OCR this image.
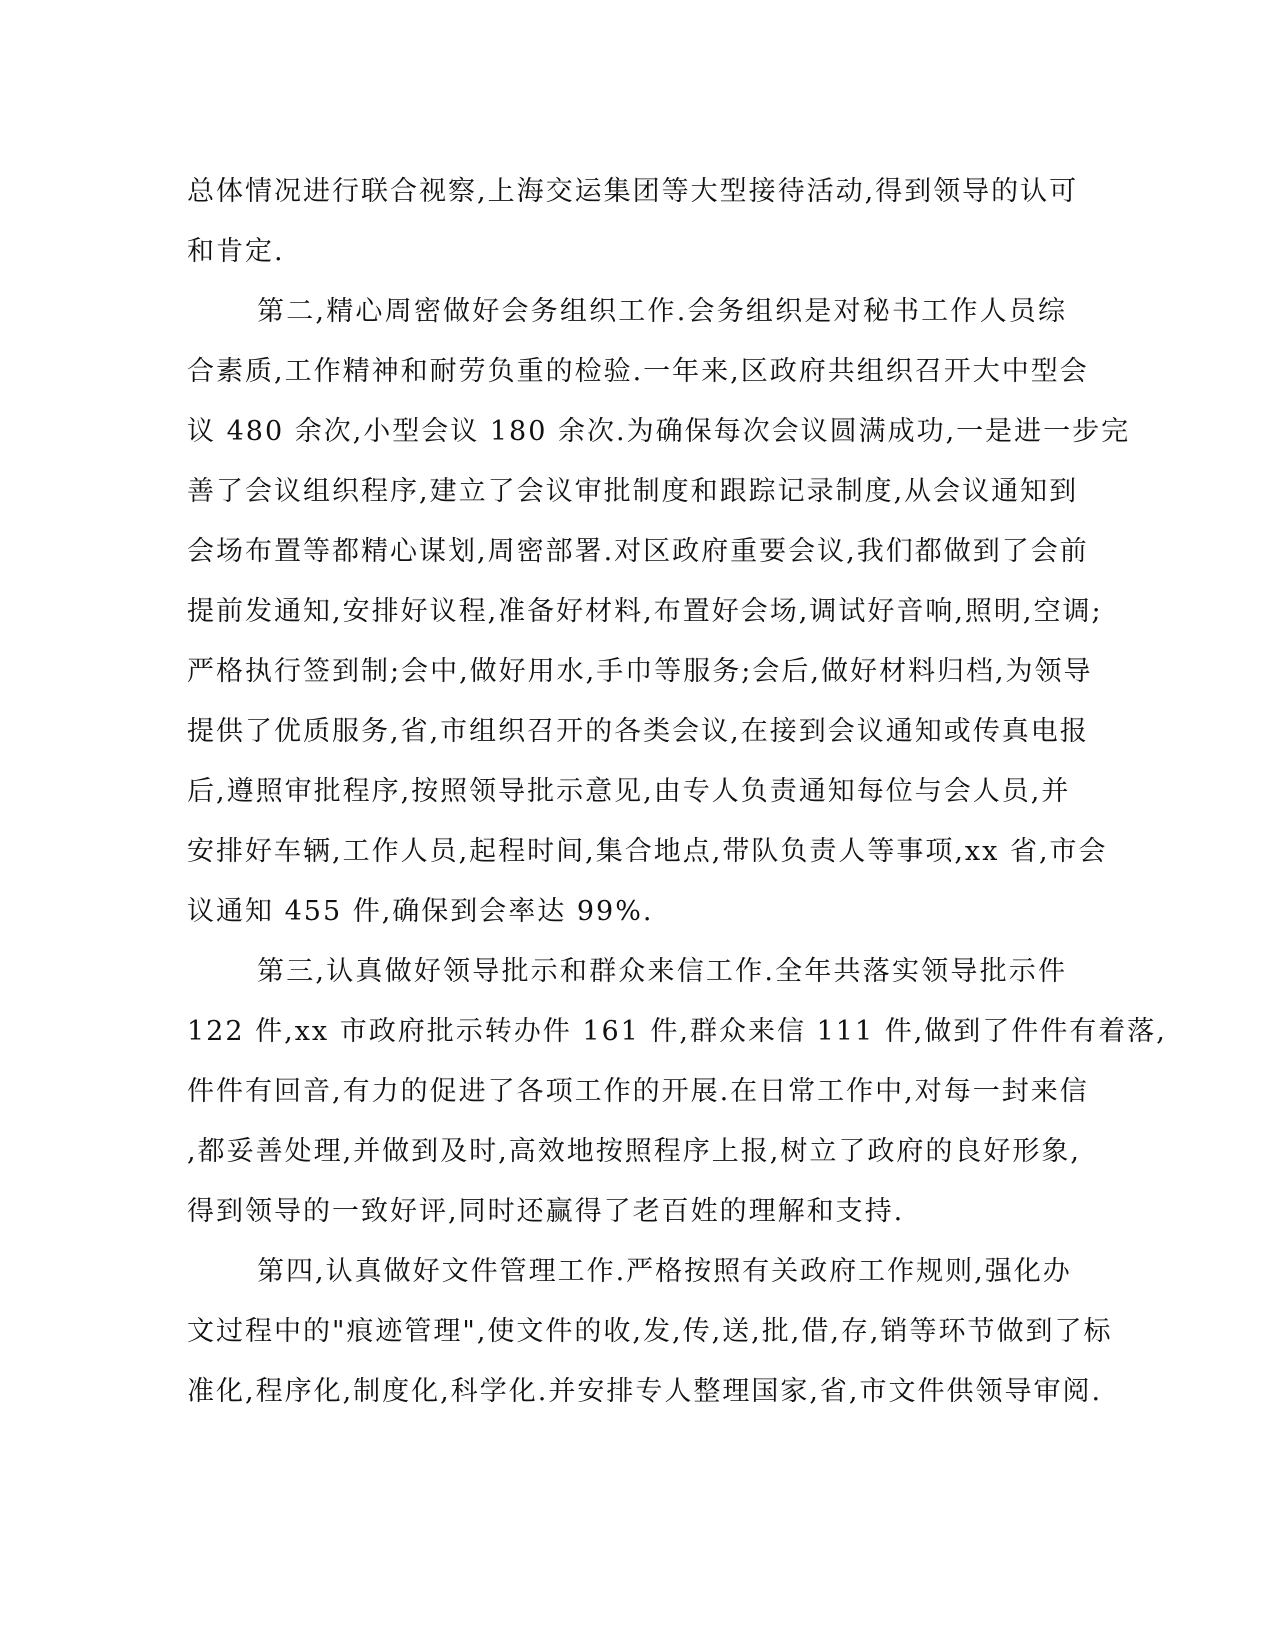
总体情况进行联合视察,上海交运集团等大型接待活动,得到领导的认可
和肯定.
第二,精心周密做好会务组织工作.会务组织是对秘书工作人员综
合素质,工作精神和耐劳负重的检验.一年来,区政府共组织召开大中型会
议 480 余次,小型会议 180 余次.为确保每次会议圆满成功,一是进一步完
善了会议组织程序,建立了会议审批制度和跟踪记录制度,从会议通知到
会场布置等都精心谋划,周密部署.对区政府重要会议,我们都做到了会前
提前发通知,安排好议程,准备好材料,布置好会场,调试好音响,照明,空调;
严格执行签到制;会中,做好用水,手巾等服务;会后,做好材料归档,为领导
提供了优质服务,省,市组织召开的各类会议,在接到会议通知或传真电报
后,遵照审批程序,按照领导批示意见,由专人负责通知每位与会人员,并
安排好车辆,工作人员,起程时间,集合地点,带队负责人等事项,xx 省,市会
议通知 455 件,确保到会率达 99%.
第三,认真做好领导批示和群众来信工作.全年共落实领导批示件
122 件,xx 市政府批示转办件 161 件,群众来信 111 件,做到了件件有着落,
件件有回音,有力的促进了各项工作的开展.在日常工作中,对每一封来信
,都妥善处理,并做到及时,高效地按照程序上报,树立了政府的良好形象,
得到领导的一致好评,同时还赢得了老百姓的理解和支持.
第四,认真做好文件管理工作.严格按照有关政府工作规则,强化办
文过程中的"痕迹管理",使文件的收,发,传,送,批,借,存,销等环节做到了标
准化,程序化,制度化,科学化.并安排专人整理国家,省,市文件供领导审阅.
